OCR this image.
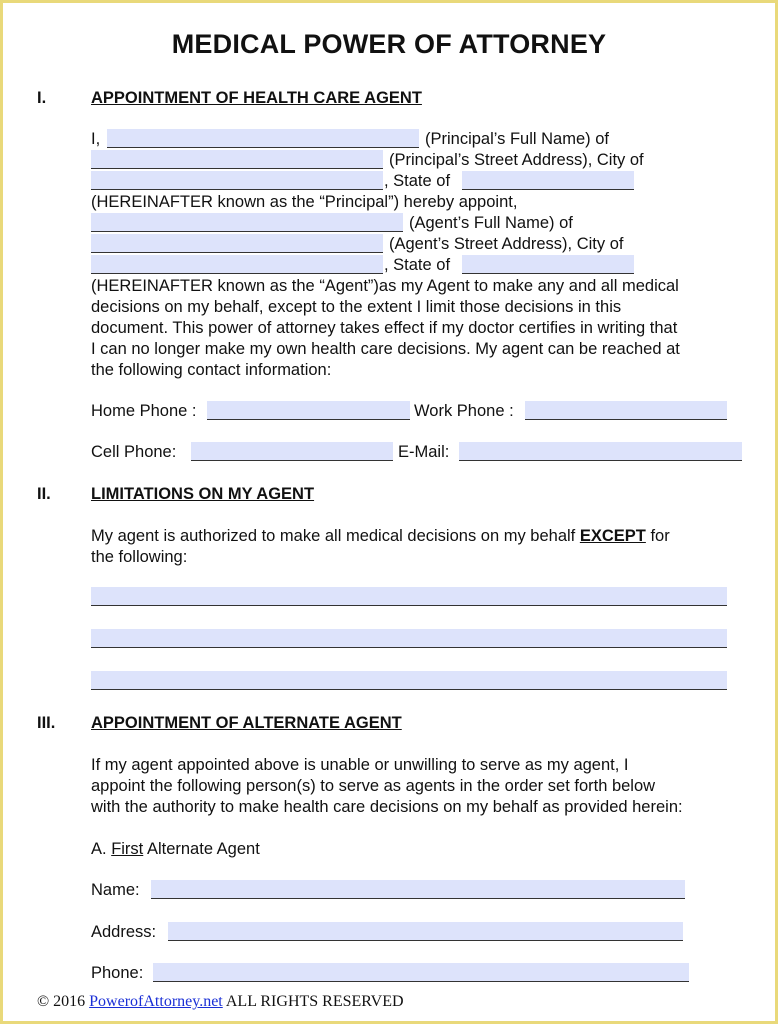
MEDICAL POWER OF ATTORNEY
I.	APPOINTMENT OF HEALTH CARE AGENT
I,	(Principal’s Full Name) of
(Principal’s Street Address), City of
, State of
(HEREINAFTER known as the “Principal”) hereby appoint,
(Agent’s Full Name) of
(Agent’s Street Address), City of
, State of
(HEREINAFTER known as the “Agent”)as my Agent to make any and all medical
decisions on my behalf, except to the extent I limit those decisions in this
document. This power of attorney takes effect if my doctor certifies in writing that
I can no longer make my own health care decisions. My agent can be reached at
the following contact information:
Home Phone :	Work Phone :
Cell Phone:	E-Mail:
II. LIMITATIONS ON MY AGENT
My agent is authorized to make all medical decisions on my behalf EXCEPT for
the following:
III. APPOINTMENT OF ALTERNATE AGENT
If my agent appointed above is unable or unwilling to serve as my agent, I
appoint the following person(s) to serve as agents in the order set forth below
with the authority to make health care decisions on my behalf as provided herein:
A. First Alternate Agent
Name:
Address:
Phone:
© 2016 PowerofAttorney.net ALL RIGHTS RESERVED
